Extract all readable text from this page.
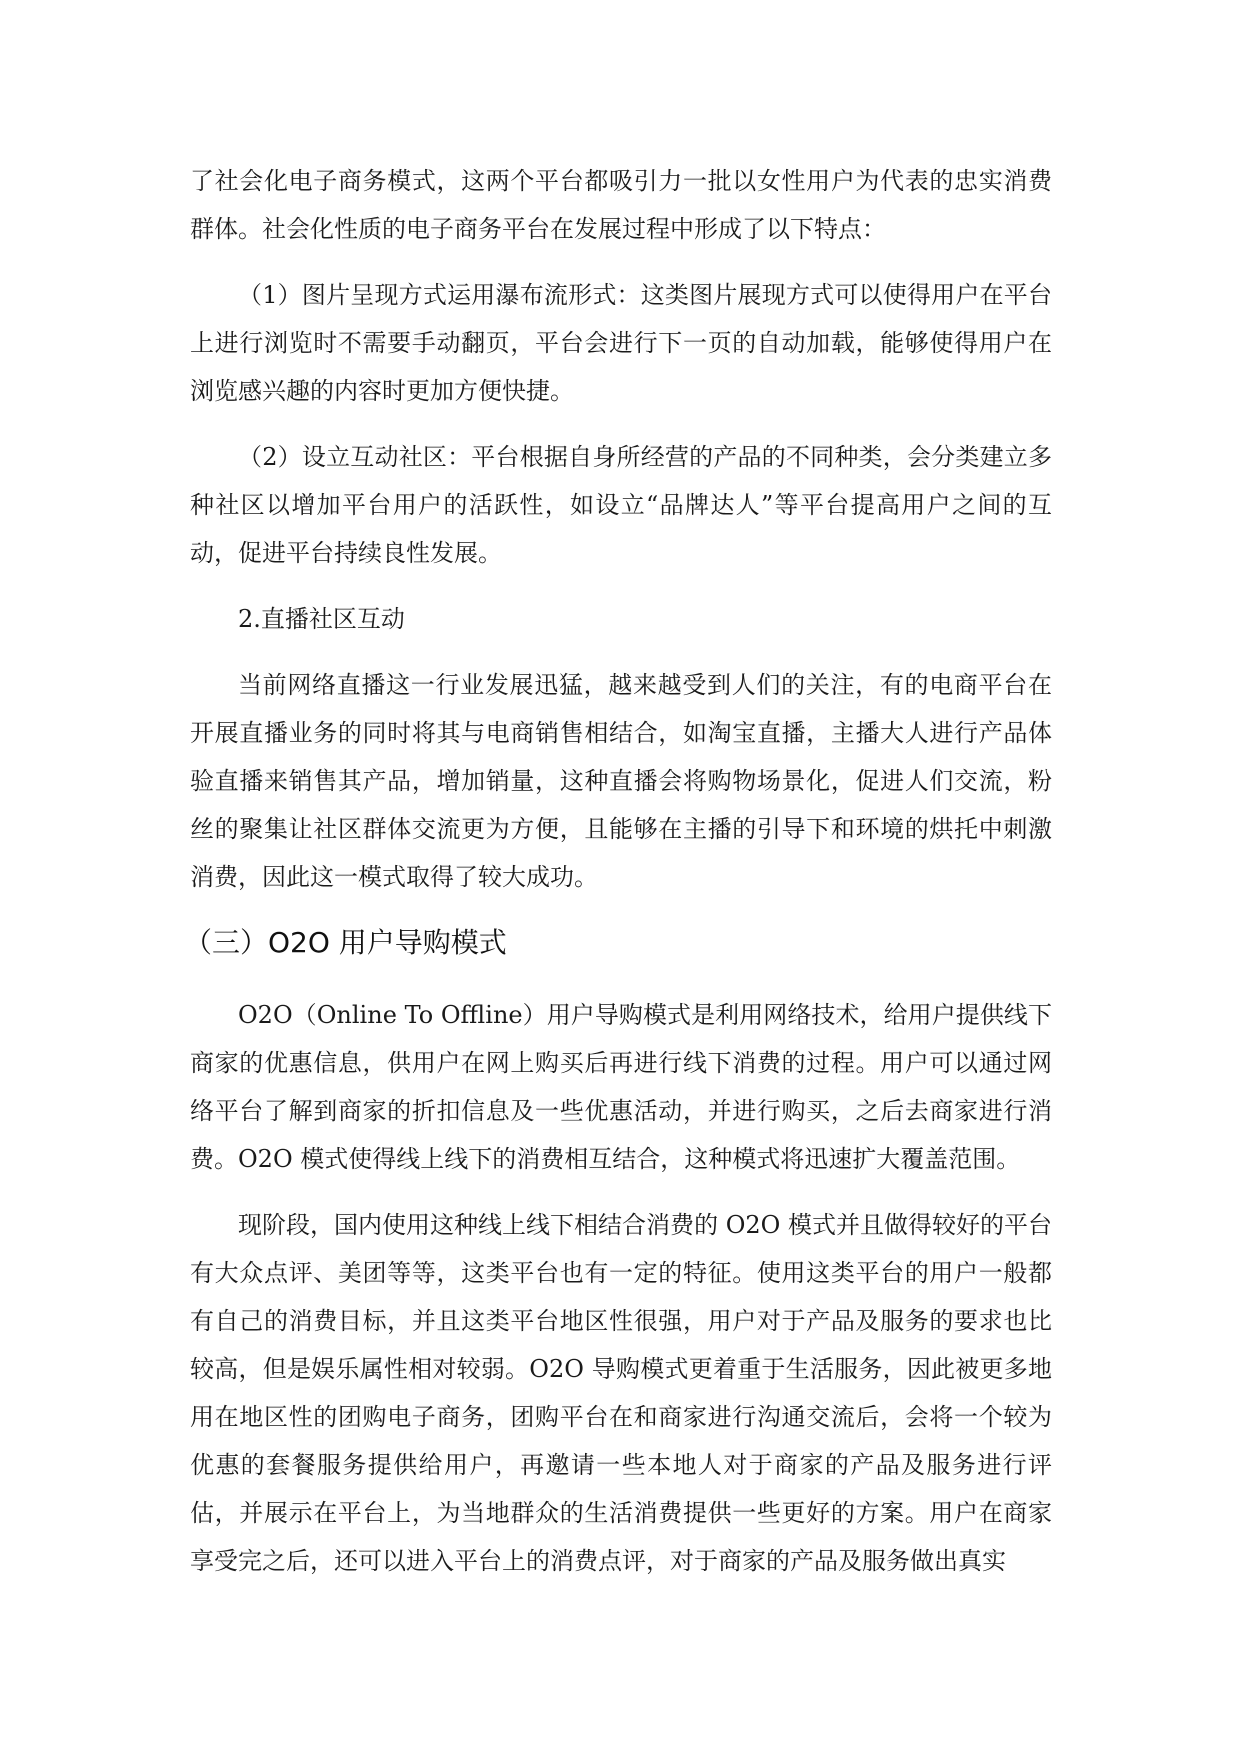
了社会化电子商务模式，这两个平台都吸引力一批以女性用户为代表的忠实消费群体。社会化性质的电子商务平台在发展过程中形成了以下特点：

（1）图片呈现方式运用瀑布流形式：这类图片展现方式可以使得用户在平台上进行浏览时不需要手动翻页，平台会进行下一页的自动加载，能够使得用户在浏览感兴趣的内容时更加方便快捷。

（2）设立互动社区：平台根据自身所经营的产品的不同种类，会分类建立多种社区以增加平台用户的活跃性，如设立“品牌达人”等平台提高用户之间的互动，促进平台持续良性发展。

2.直播社区互动

当前网络直播这一行业发展迅猛，越来越受到人们的关注，有的电商平台在开展直播业务的同时将其与电商销售相结合，如淘宝直播，主播大人进行产品体验直播来销售其产品，增加销量，这种直播会将购物场景化，促进人们交流，粉丝的聚集让社区群体交流更为方便，且能够在主播的引导下和环境的烘托中刺激消费，因此这一模式取得了较大成功。

（三）O2O 用户导购模式

O2O（Online To Offline）用户导购模式是利用网络技术，给用户提供线下商家的优惠信息，供用户在网上购买后再进行线下消费的过程。用户可以通过网络平台了解到商家的折扣信息及一些优惠活动，并进行购买，之后去商家进行消费。O2O 模式使得线上线下的消费相互结合，这种模式将迅速扩大覆盖范围。

现阶段，国内使用这种线上线下相结合消费的 O2O 模式并且做得较好的平台有大众点评、美团等等，这类平台也有一定的特征。使用这类平台的用户一般都有自己的消费目标，并且这类平台地区性很强，用户对于产品及服务的要求也比较高，但是娱乐属性相对较弱。O2O 导购模式更着重于生活服务，因此被更多地用在地区性的团购电子商务，团购平台在和商家进行沟通交流后，会将一个较为优惠的套餐服务提供给用户，再邀请一些本地人对于商家的产品及服务进行评估，并展示在平台上，为当地群众的生活消费提供一些更好的方案。用户在商家享受完之后，还可以进入平台上的消费点评，对于商家的产品及服务做出真实
